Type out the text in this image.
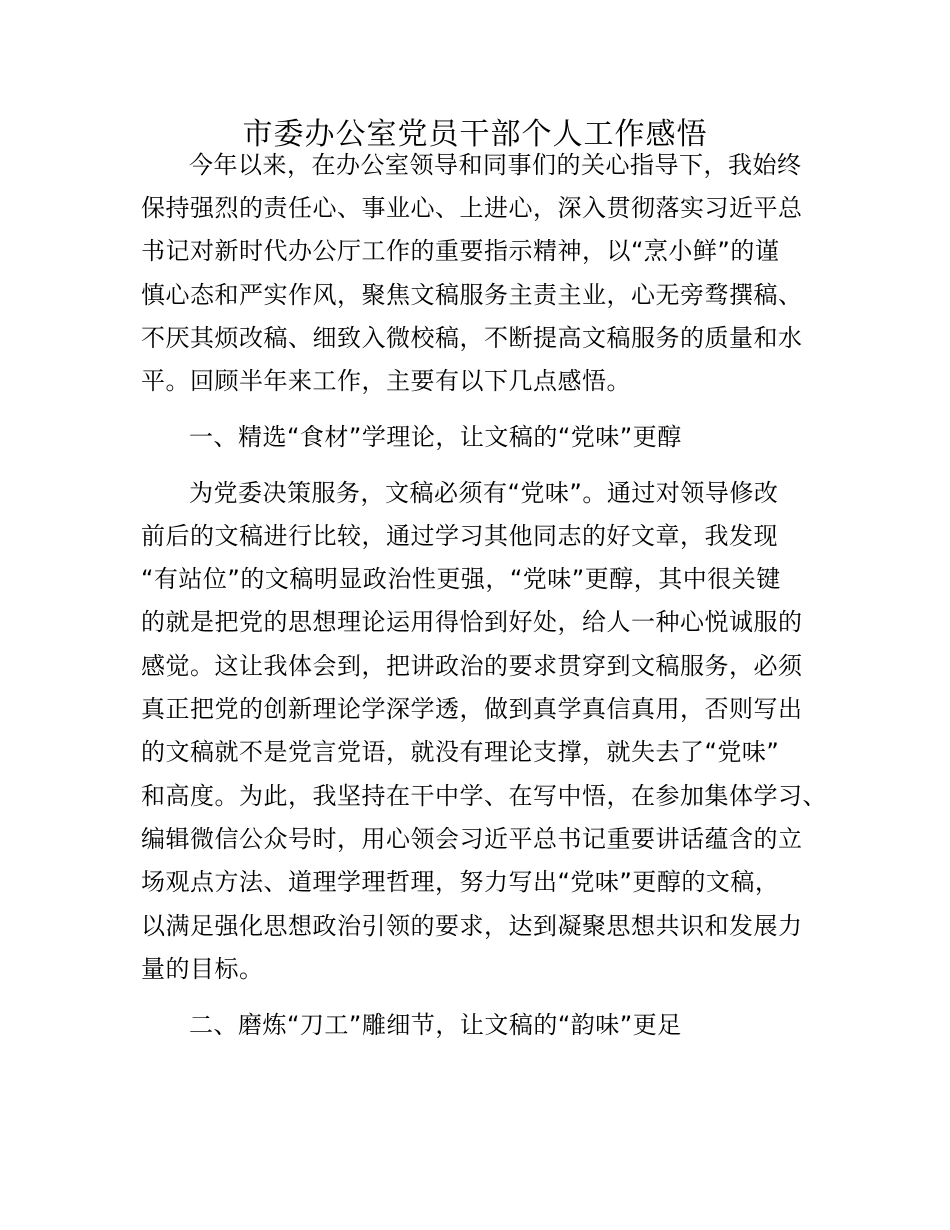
市委办公室党员干部个人工作感悟
今年以来，在办公室领导和同事们的关心指导下，我始终
保持强烈的责任心、事业心、上进心，深入贯彻落实习近平总
书记对新时代办公厅工作的重要指示精神，以“烹小鲜”的谨
慎心态和严实作风，聚焦文稿服务主责主业，心无旁骛撰稿、
不厌其烦改稿、细致入微校稿，不断提高文稿服务的质量和水
平。回顾半年来工作，主要有以下几点感悟。
一、精选“食材”学理论，让文稿的“党味”更醇
为党委决策服务，文稿必须有“党味”。通过对领导修改
前后的文稿进行比较，通过学习其他同志的好文章，我发现
“有站位”的文稿明显政治性更强，“党味”更醇，其中很关键
的就是把党的思想理论运用得恰到好处，给人一种心悦诚服的
感觉。这让我体会到，把讲政治的要求贯穿到文稿服务，必须
真正把党的创新理论学深学透，做到真学真信真用，否则写出
的文稿就不是党言党语，就没有理论支撑，就失去了“党味”
和高度。为此，我坚持在干中学、在写中悟，在参加集体学习、
编辑微信公众号时，用心领会习近平总书记重要讲话蕴含的立
场观点方法、道理学理哲理，努力写出“党味”更醇的文稿，
以满足强化思想政治引领的要求，达到凝聚思想共识和发展力
量的目标。
二、磨炼“刀工”雕细节，让文稿的“韵味”更足
